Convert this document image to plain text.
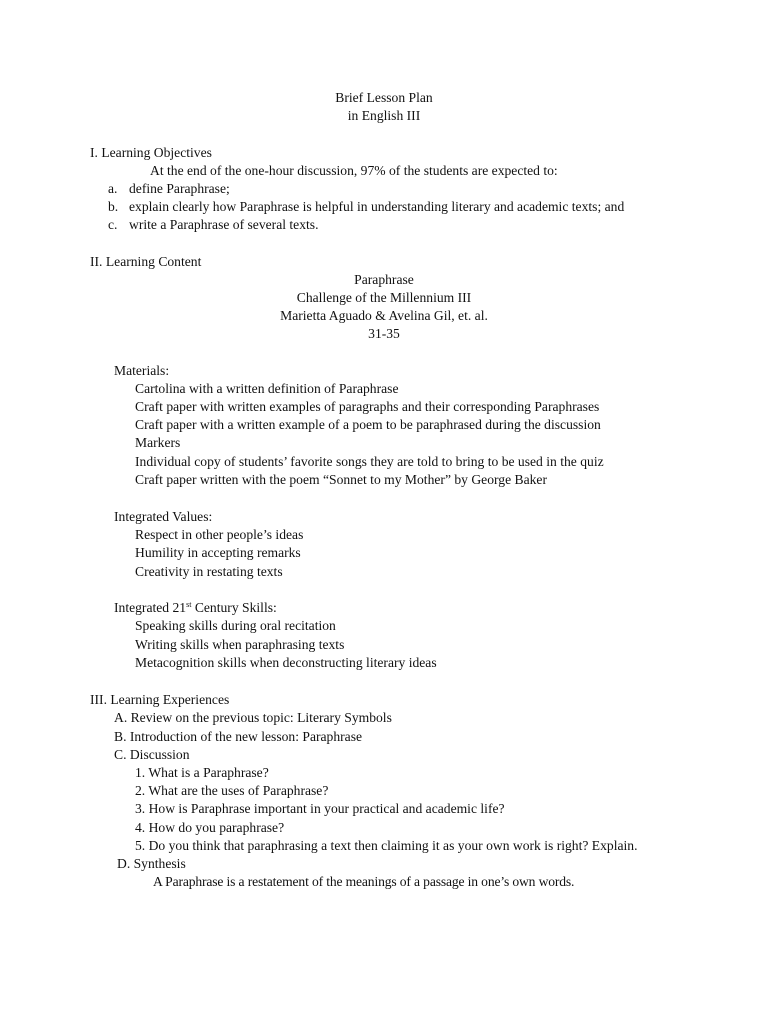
Brief Lesson Plan
in English III
I. Learning Objectives
At the end of the one-hour discussion, 97% of the students are expected to:
a. define Paraphrase;
b. explain clearly how Paraphrase is helpful in understanding literary and academic texts; and
c. write a Paraphrase of several texts.
II. Learning Content
Paraphrase
Challenge of the Millennium III
Marietta Aguado & Avelina Gil, et. al.
31-35
Materials:
Cartolina with a written definition of Paraphrase
Craft paper with written examples of paragraphs and their corresponding Paraphrases
Craft paper with a written example of a poem to be paraphrased during the discussion
Markers
Individual copy of students’ favorite songs they are told to bring to be used in the quiz
Craft paper written with the poem “Sonnet to my Mother” by George Baker
Integrated Values:
Respect in other people’s ideas
Humility in accepting remarks
Creativity in restating texts
Integrated 21st Century Skills:
Speaking skills during oral recitation
Writing skills when paraphrasing texts
Metacognition skills when deconstructing literary ideas
III. Learning Experiences
A. Review on the previous topic: Literary Symbols
B. Introduction of the new lesson: Paraphrase
C. Discussion
1. What is a Paraphrase?
2. What are the uses of Paraphrase?
3. How is Paraphrase important in your practical and academic life?
4. How do you paraphrase?
5. Do you think that paraphrasing a text then claiming it as your own work is right? Explain.
D. Synthesis
A Paraphrase is a restatement of the meanings of a passage in one’s own words.
